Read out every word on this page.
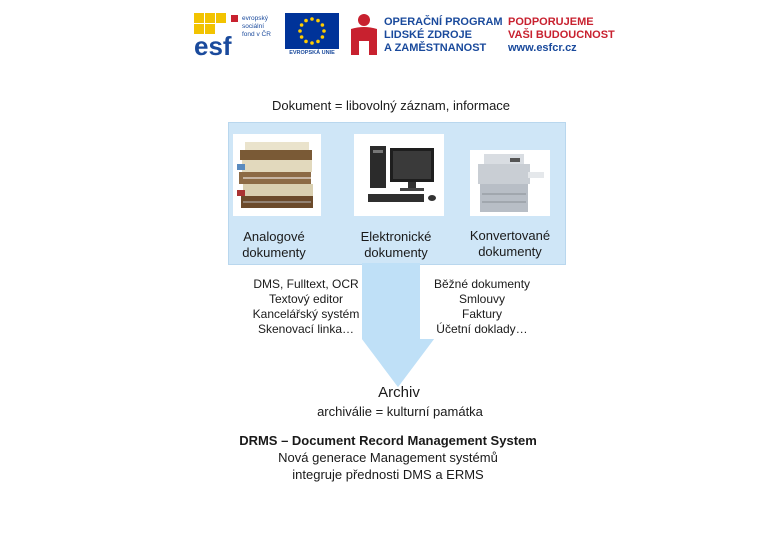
esf
evropský
sociální
fond v ČR
EVROPSKÁ UNIE
OPERAČNÍ PROGRAM
LIDSKÉ ZDROJE
A ZAMĚSTNANOST
PODPORUJEME
VAŠI BUDOUCNOST
www.esfcr.cz
Dokument = libovolný záznam, informace
Analogové dokumenty
Elektronické dokumenty
Konvertované dokumenty
DMS, Fulltext, OCR
Textový editor
Kancelářský systém
Skenovací linka…
Běžné dokumenty
Smlouvy
Faktury
Účetní doklady…
Archiv
archiválie = kulturní památka
DRMS – Document Record Management System
Nová generace Management systémů
integruje přednosti DMS a ERMS
